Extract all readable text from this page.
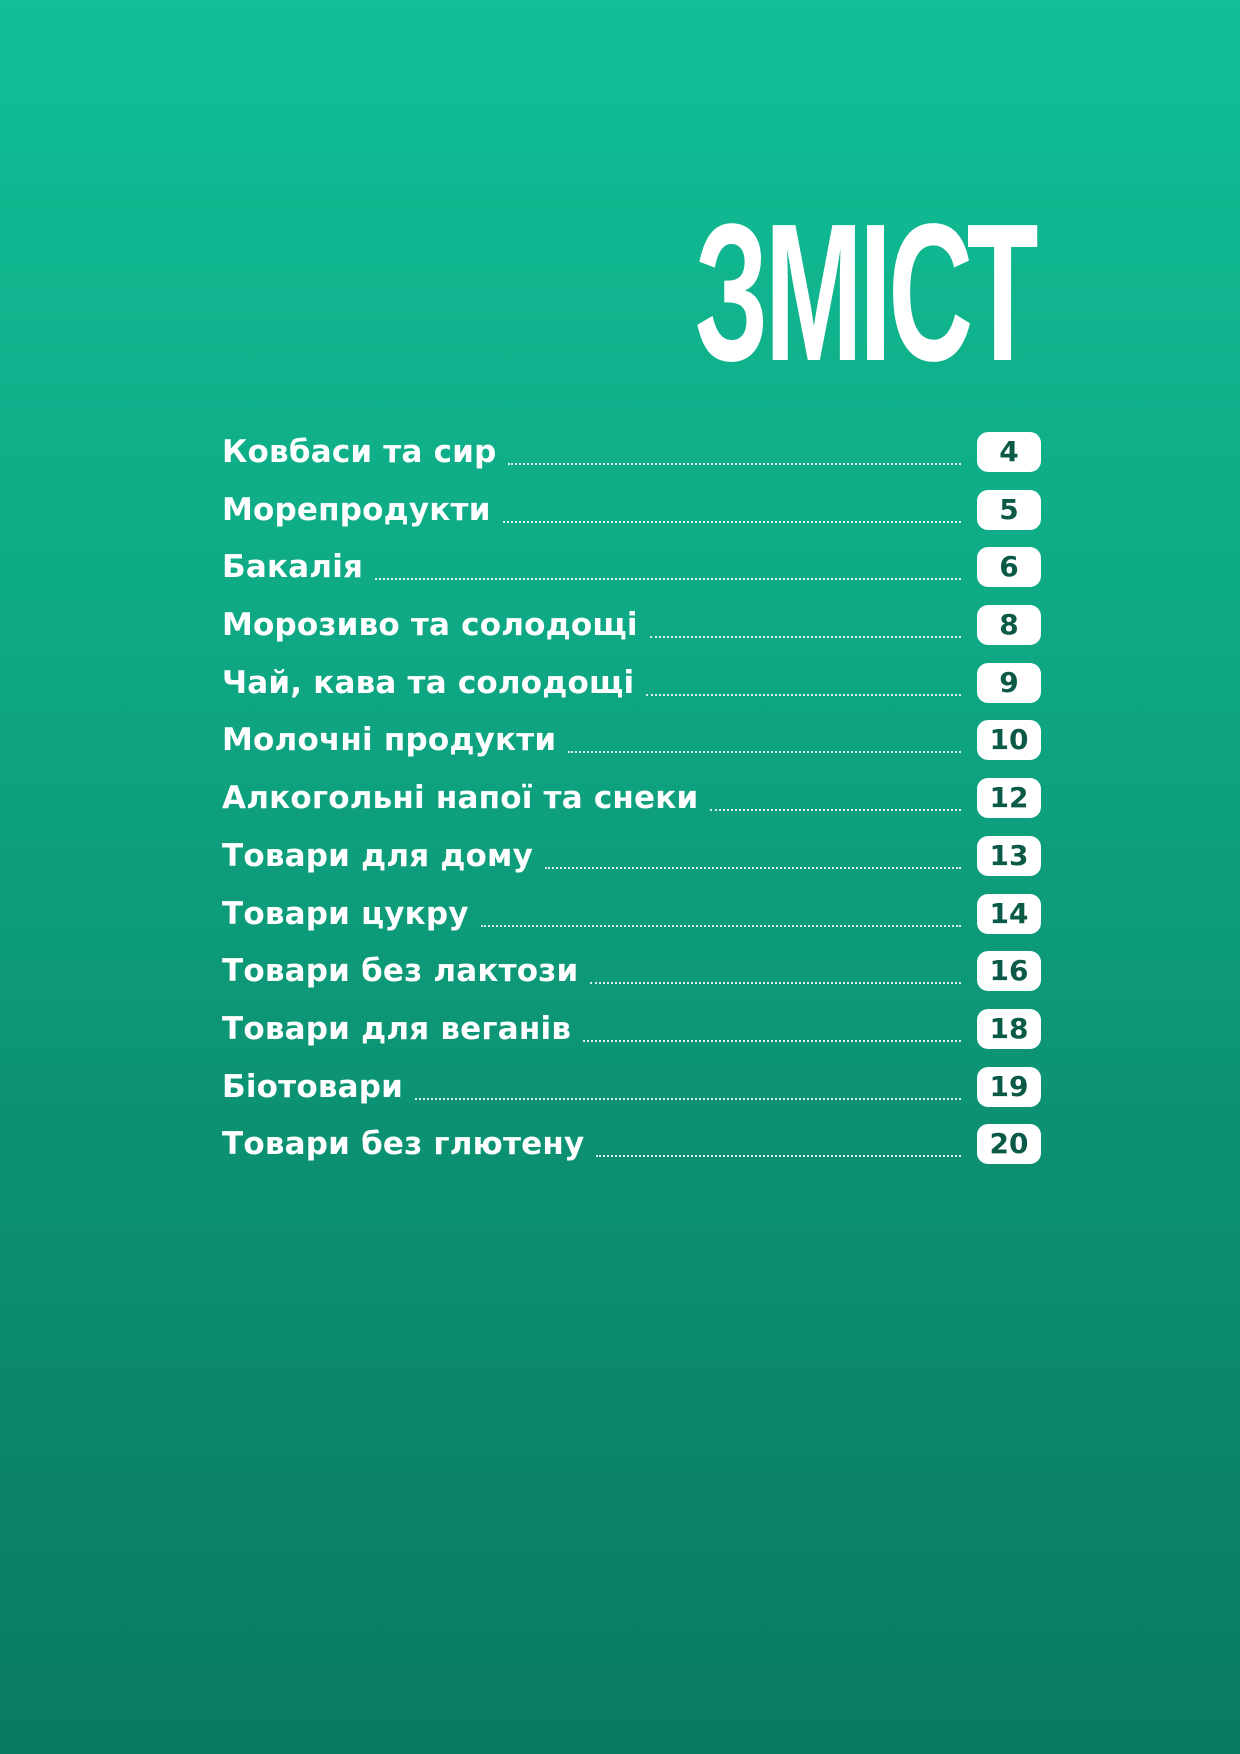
ЗМІСТ
Ковбаси та сир	4
Морепродукти	5
Бакалія	6
Морозиво та солодощі	8
Чай, кава та солодощі	9
Молочні продукти	10
Алкогольні напої та снеки	12
Товари для дому	13
Товари цукру	14
Товари без лактози	16
Товари для веганів	18
Біотовари	19
Товари без глютену	20
